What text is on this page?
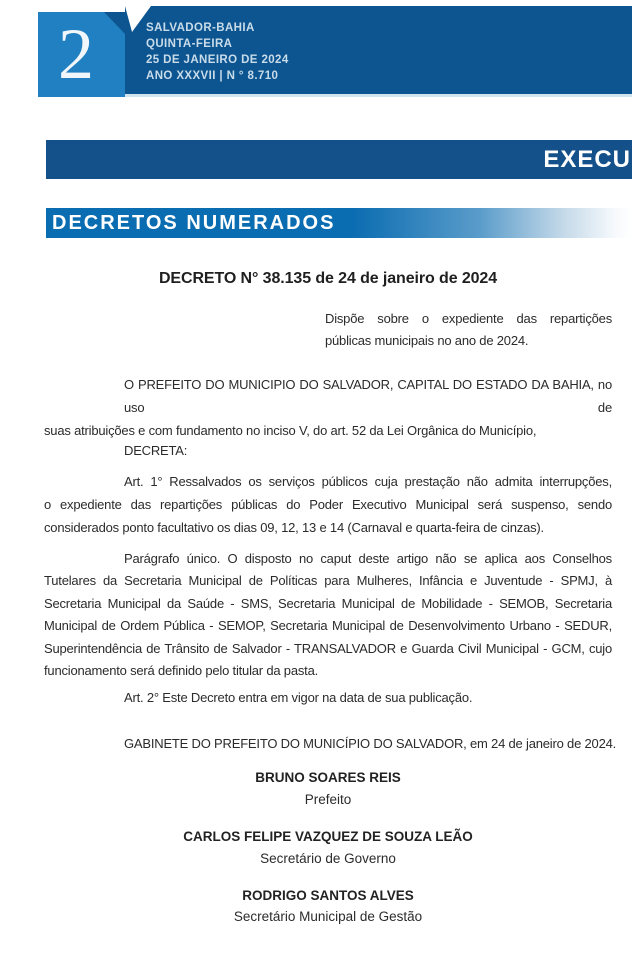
SALVADOR-BAHIA
QUINTA-FEIRA
25 DE JANEIRO DE 2024
ANO XXXVII | N ° 8.710
2
EXECU
DECRETOS NUMERADOS
DECRETO N° 38.135 de 24 de janeiro de 2024
Dispõe sobre o expediente das repartições
públicas municipais no ano de 2024.
O PREFEITO DO MUNICIPIO DO SALVADOR, CAPITAL DO ESTADO DA BAHIA, no uso de
suas atribuições e com fundamento no inciso V, do art. 52 da Lei Orgânica do Município,
DECRETA:
Art. 1° Ressalvados os serviços públicos cuja prestação não admita interrupções,
o expediente das repartições públicas do Poder Executivo Municipal será suspenso, sendo
considerados ponto facultativo os dias 09, 12, 13 e 14 (Carnaval e quarta-feira de cinzas).
Parágrafo único. O disposto no caput deste artigo não se aplica aos Conselhos
Tutelares da Secretaria Municipal de Políticas para Mulheres, Infância e Juventude - SPMJ, à
Secretaria Municipal da Saúde - SMS, Secretaria Municipal de Mobilidade - SEMOB, Secretaria
Municipal de Ordem Pública - SEMOP, Secretaria Municipal de Desenvolvimento Urbano - SEDUR,
Superintendência de Trânsito de Salvador - TRANSALVADOR e Guarda Civil Municipal - GCM, cujo
funcionamento será definido pelo titular da pasta.
Art. 2° Este Decreto entra em vigor na data de sua publicação.
GABINETE DO PREFEITO DO MUNICÍPIO DO SALVADOR, em 24 de janeiro de 2024.
BRUNO SOARES REIS
Prefeito
CARLOS FELIPE VAZQUEZ DE SOUZA LEÃO
Secretário de Governo
RODRIGO SANTOS ALVES
Secretário Municipal de Gestão
